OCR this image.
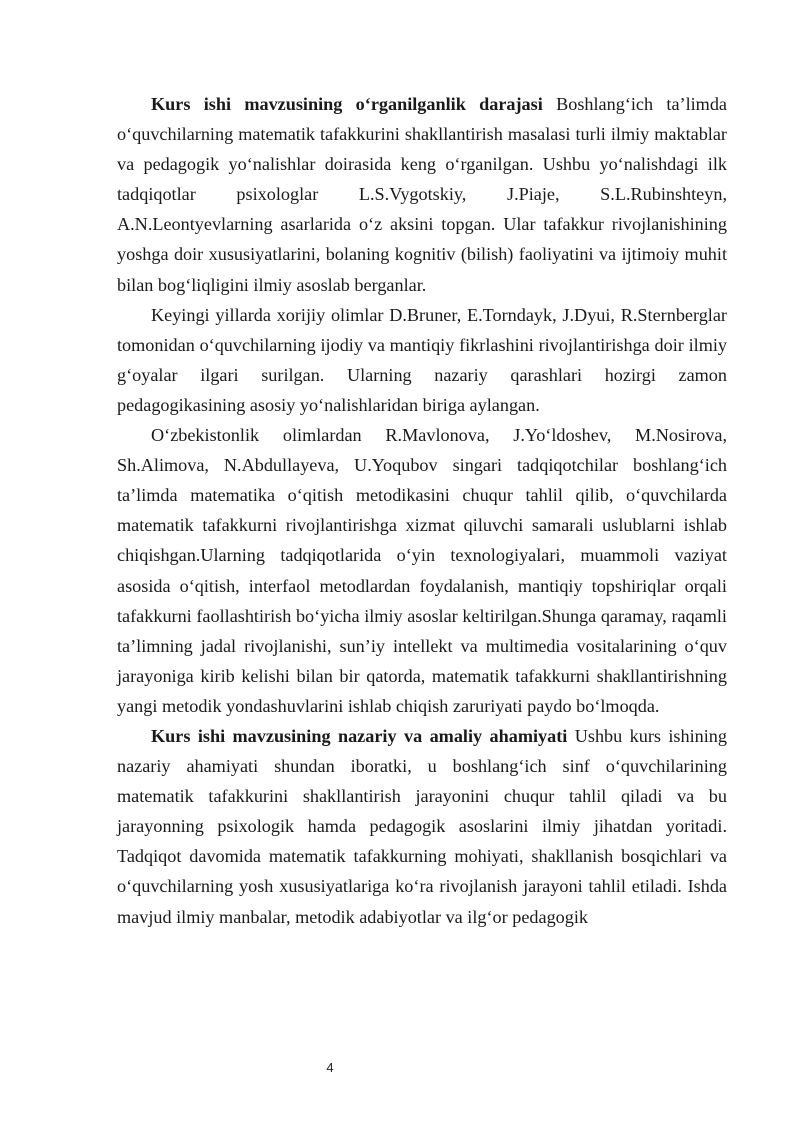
Kurs ishi mavzusining o‘rganilganlik darajasi Boshlang‘ich ta’limda o‘quvchilarning matematik tafakkurini shakllantirish masalasi turli ilmiy maktablar va pedagogik yo‘nalishlar doirasida keng o‘rganilgan. Ushbu yo‘nalishdagi ilk tadqiqotlar psixologlar L.S.Vygotskiy, J.Piaje, S.L.Rubinshteyn, A.N.Leontyevlarning asarlarida o‘z aksini topgan. Ular tafakkur rivojlanishining yoshga doir xususiyatlarini, bolaning kognitiv (bilish) faoliyatini va ijtimoiy muhit bilan bog‘liqligini ilmiy asoslab berganlar.

Keyingi yillarda xorijiy olimlar D.Bruner, E.Torndayk, J.Dyui, R.Sternberglar tomonidan o‘quvchilarning ijodiy va mantiqiy fikrlashini rivojlantirishga doir ilmiy g‘oyalar ilgari surilgan. Ularning nazariy qarashlari hozirgi zamon pedagogikasining asosiy yo‘nalishlaridan biriga aylangan.

O‘zbekistonlik olimlardan R.Mavlonova, J.Yo‘ldoshev, M.Nosirova, Sh.Alimova, N.Abdullayeva, U.Yoqubov singari tadqiqotchilar boshlang‘ich ta’limda matematika o‘qitish metodikasini chuqur tahlil qilib, o‘quvchilarda matematik tafakkurni rivojlantirishga xizmat qiluvchi samarali uslublarni ishlab chiqishgan.Ularning tadqiqotlarida o‘yin texnologiyalari, muammoli vaziyat asosida o‘qitish, interfaol metodlardan foydalanish, mantiqiy topshiriqlar orqali tafakkurni faollashtirish bo‘yicha ilmiy asoslar keltirilgan.Shunga qaramay, raqamli ta’limning jadal rivojlanishi, sun’iy intellekt va multimedia vositalarining o‘quv jarayoniga kirib kelishi bilan bir qatorda, matematik tafakkurni shakllantirishning yangi metodik yondashuvlarini ishlab chiqish zaruriyati paydo bo‘lmoqda.

Kurs ishi mavzusining nazariy va amaliy ahamiyati Ushbu kurs ishining nazariy ahamiyati shundan iboratki, u boshlang‘ich sinf o‘quvchilarining matematik tafakkurini shakllantirish jarayonini chuqur tahlil qiladi va bu jarayonning psixologik hamda pedagogik asoslarini ilmiy jihatdan yoritadi. Tadqiqot davomida matematik tafakkurning mohiyati, shakllanish bosqichlari va o‘quvchilarning yosh xususiyatlariga ko‘ra rivojlanish jarayoni tahlil etiladi. Ishda mavjud ilmiy manbalar, metodik adabiyotlar va ilg‘or pedagogik

4
